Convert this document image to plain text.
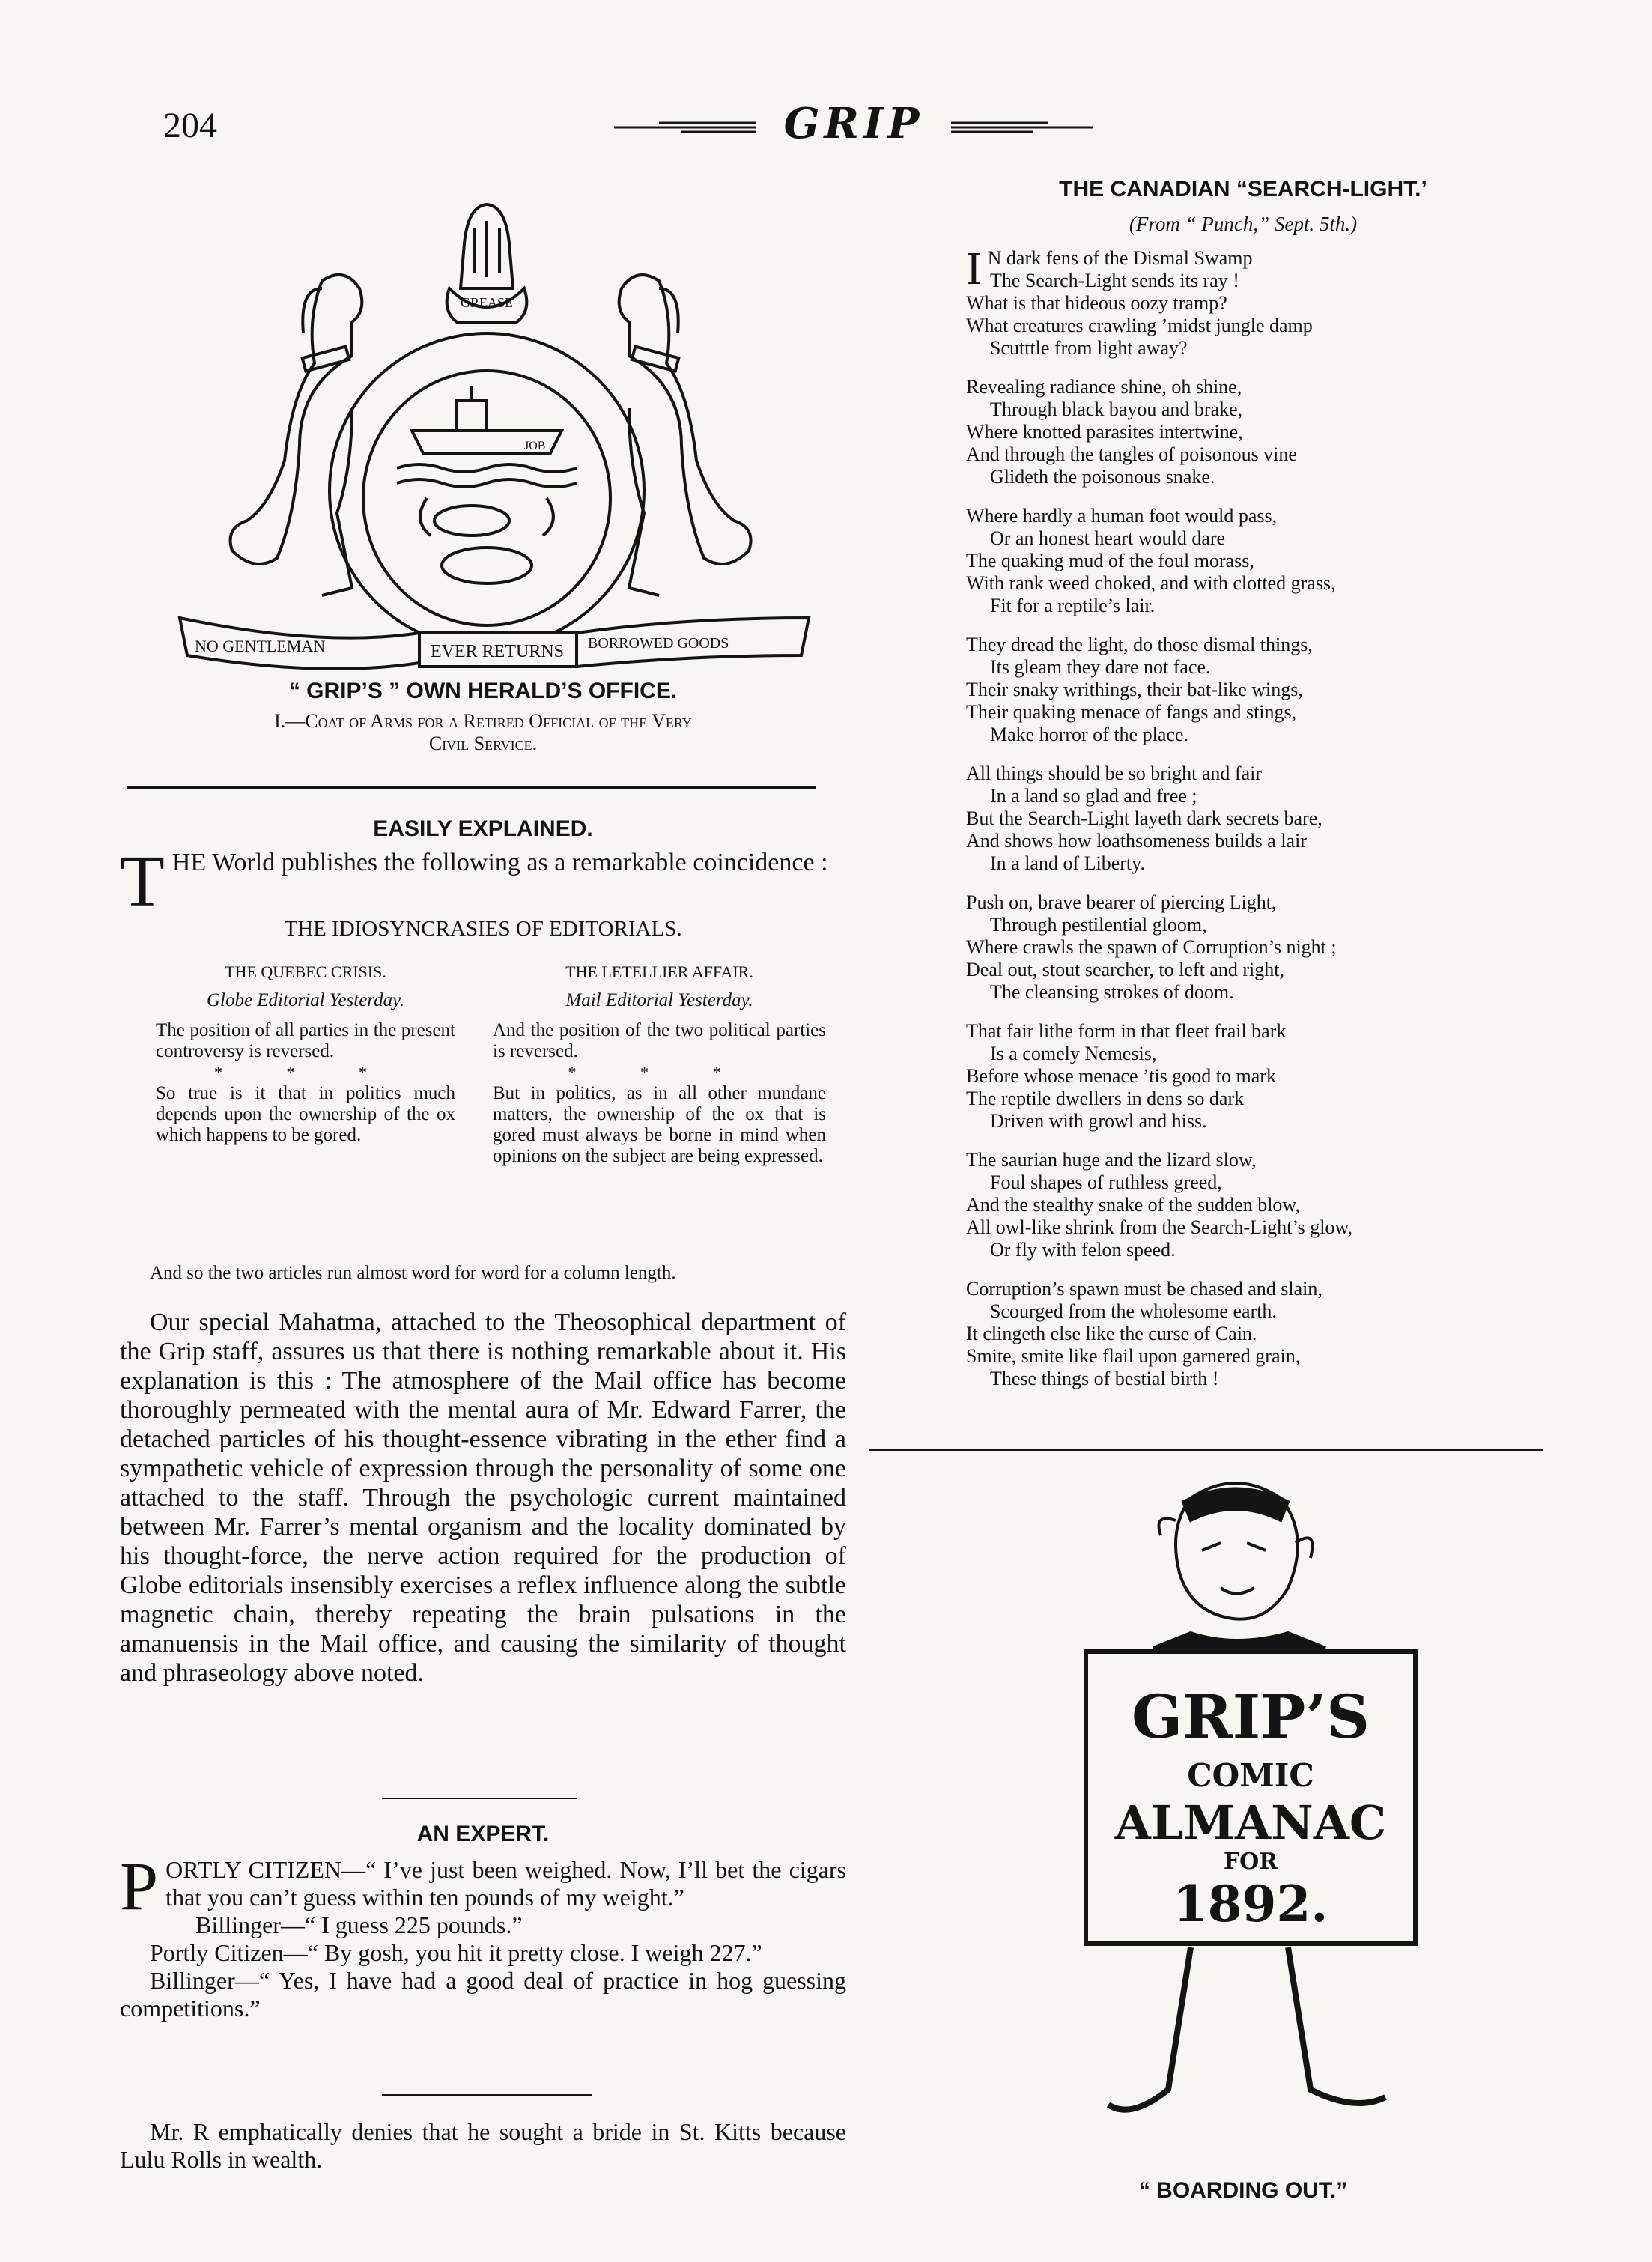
204	GRIP
GREASE
JOB
NO GENTLEMAN	EVER RETURNS BORROWED GOODS
“ GRIP’S ” OWN HERALD’S OFFICE.
I.—Coat of Arms for a Retired Official of the Very
Civil Service.
EASILY EXPLAINED.
THE World publishes the following as a remarkable coincidence :
THE IDIOSYNCRASIES OF EDITORIALS.
THE QUEBEC CRISIS.
Globe Editorial Yesterday.
The position of all parties in the present controversy is reversed.
* * *
So true is it that in politics much depends upon the ownership of the ox which happens to be gored.
THE LETELLIER AFFAIR.
Mail Editorial Yesterday.
And the position of the two political parties is reversed.
* * *
But in politics, as in all other mundane matters, the ownership of the ox that is gored must always be borne in mind when opinions on the subject are being expressed.
And so the two articles run almost word for word for a column length.
Our special Mahatma, attached to the Theosophical department of the Grip staff, assures us that there is nothing remarkable about it. His explanation is this : The atmosphere of the Mail office has become thoroughly permeated with the mental aura of Mr. Edward Farrer, the detached particles of his thought-essence vibrating in the ether find a sympathetic vehicle of expression through the personality of some one attached to the staff. Through the psychologic current maintained between Mr. Farrer’s mental organism and the locality dominated by his thought-force, the nerve action required for the production of Globe editorials insensibly exercises a reflex influence along the subtle magnetic chain, thereby repeating the brain pulsations in the amanuensis in the Mail office, and causing the similarity of thought and phraseology above noted.
AN EXPERT.
PORTLY CITIZEN—“ I’ve just been weighed. Now, I’ll bet the cigars that you can’t guess within ten pounds of my weight.”
Billinger—“ I guess 225 pounds.”
Portly Citizen—“ By gosh, you hit it pretty close. I weigh 227.”
Billinger—“ Yes, I have had a good deal of practice in hog guessing competitions.”
Mr. R emphatically denies that he sought a bride in St. Kitts because Lulu Rolls in wealth.
THE CANADIAN “SEARCH-LIGHT.’
(From “ Punch,” Sept. 5th.)
I N dark fens of the Dismal Swamp

The Search-Light sends its ray !

What is that hideous oozy tramp?

What creatures crawling ’midst jungle damp

Scutttle from light away?

Revealing radiance shine, oh shine,

Through black bayou and brake,

Where knotted parasites intertwine,

And through the tangles of poisonous vine

Glideth the poisonous snake.

Where hardly a human foot would pass,

Or an honest heart would dare

The quaking mud of the foul morass,

With rank weed choked, and with clotted grass,

Fit for a reptile’s lair.

They dread the light, do those dismal things,

Its gleam they dare not face.

Their snaky writhings, their bat-like wings,

Their quaking menace of fangs and stings,

Make horror of the place.

All things should be so bright and fair

In a land so glad and free ;

But the Search-Light layeth dark secrets bare,

And shows how loathsomeness builds a lair

In a land of Liberty.

Push on, brave bearer of piercing Light,

Through pestilential gloom,

Where crawls the spawn of Corruption’s night ;

Deal out, stout searcher, to left and right,

The cleansing strokes of doom.

That fair lithe form in that fleet frail bark

Is a comely Nemesis,

Before whose menace ’tis good to mark

The reptile dwellers in dens so dark

Driven with growl and hiss.

The saurian huge and the lizard slow,

Foul shapes of ruthless greed,

And the stealthy snake of the sudden blow,

All owl-like shrink from the Search-Light’s glow,

Or fly with felon speed.

Corruption’s spawn must be chased and slain,

Scourged from the wholesome earth.

It clingeth else like the curse of Cain.

Smite, smite like flail upon garnered grain,

These things of bestial birth !

GRIP’S
COMIC
ALMANAC
FOR
1892.
“ BOARDING OUT.”
